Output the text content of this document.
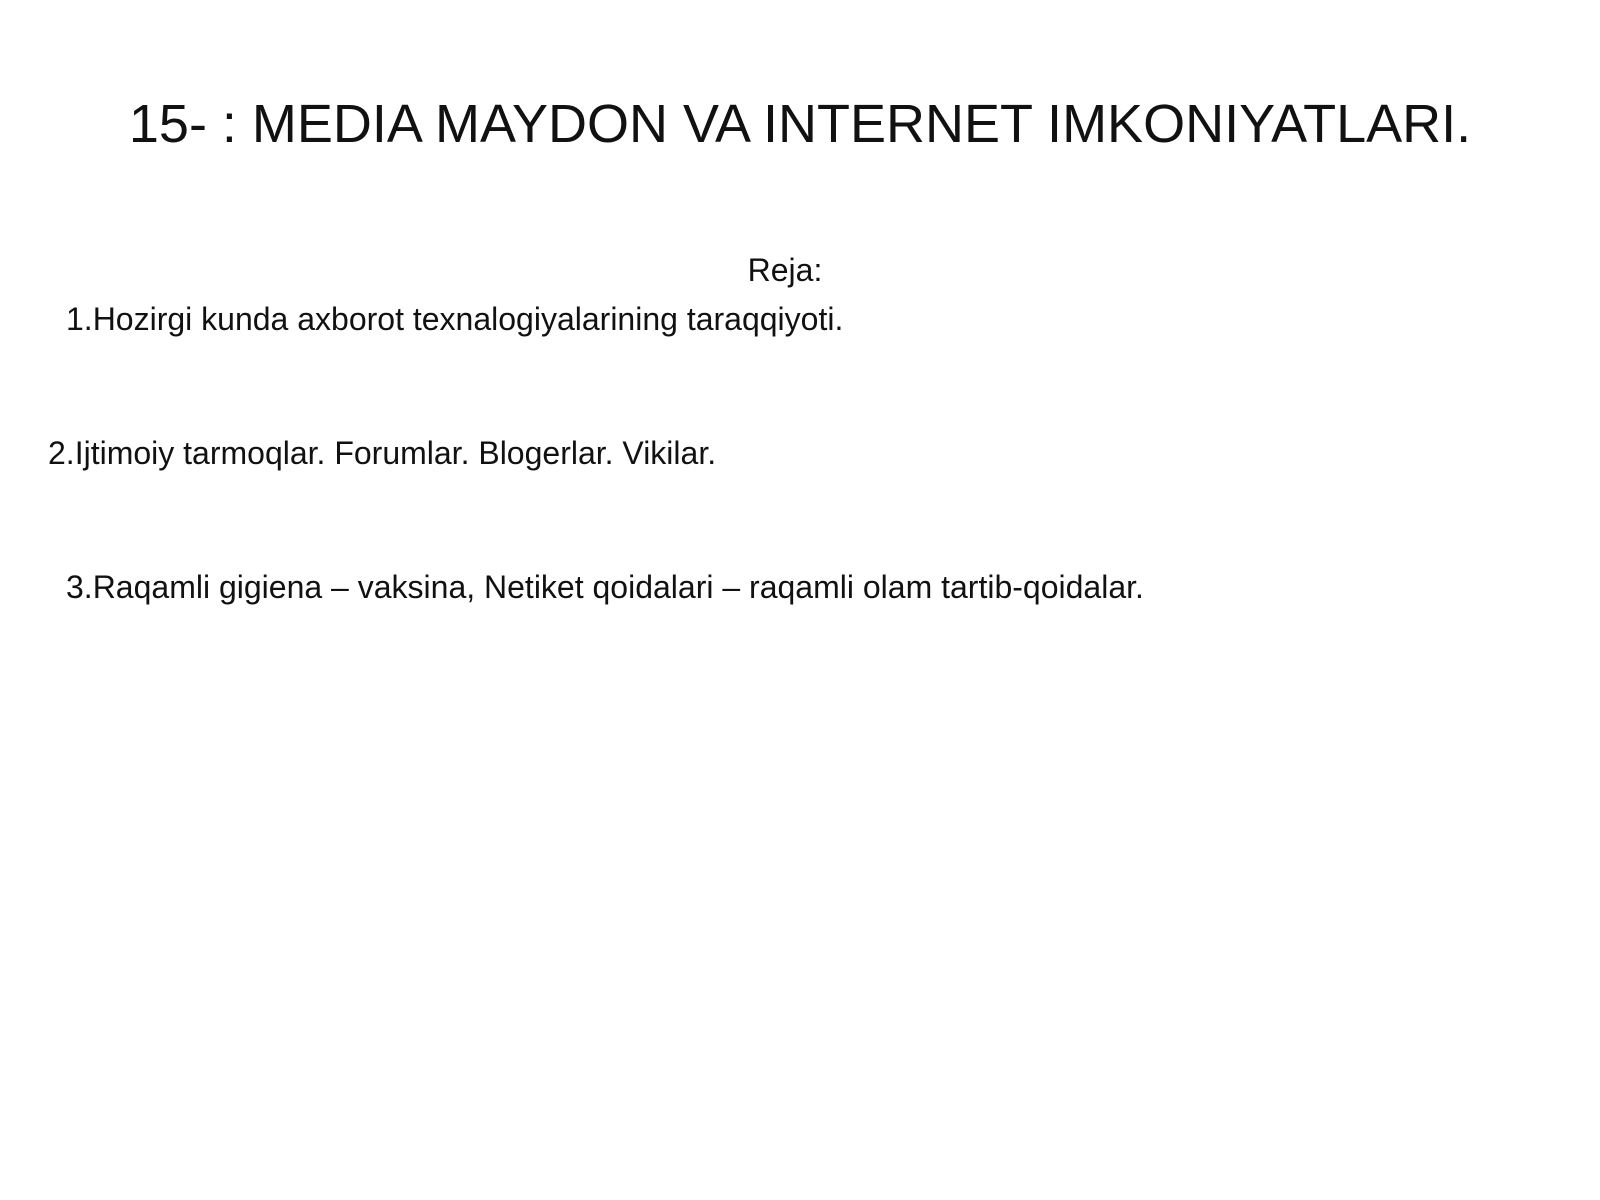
15- : MEDIA MAYDON VA INTERNET IMKONIYATLARI.
Reja:
1.Hozirgi kunda axborot texnalogiyalarining taraqqiyoti.
2.Ijtimoiy tarmoqlar. Forumlar. Blogerlar. Vikilar.
3.Raqamli gigiena – vaksina, Netiket qoidalari – raqamli olam tartib-qoidalar.
